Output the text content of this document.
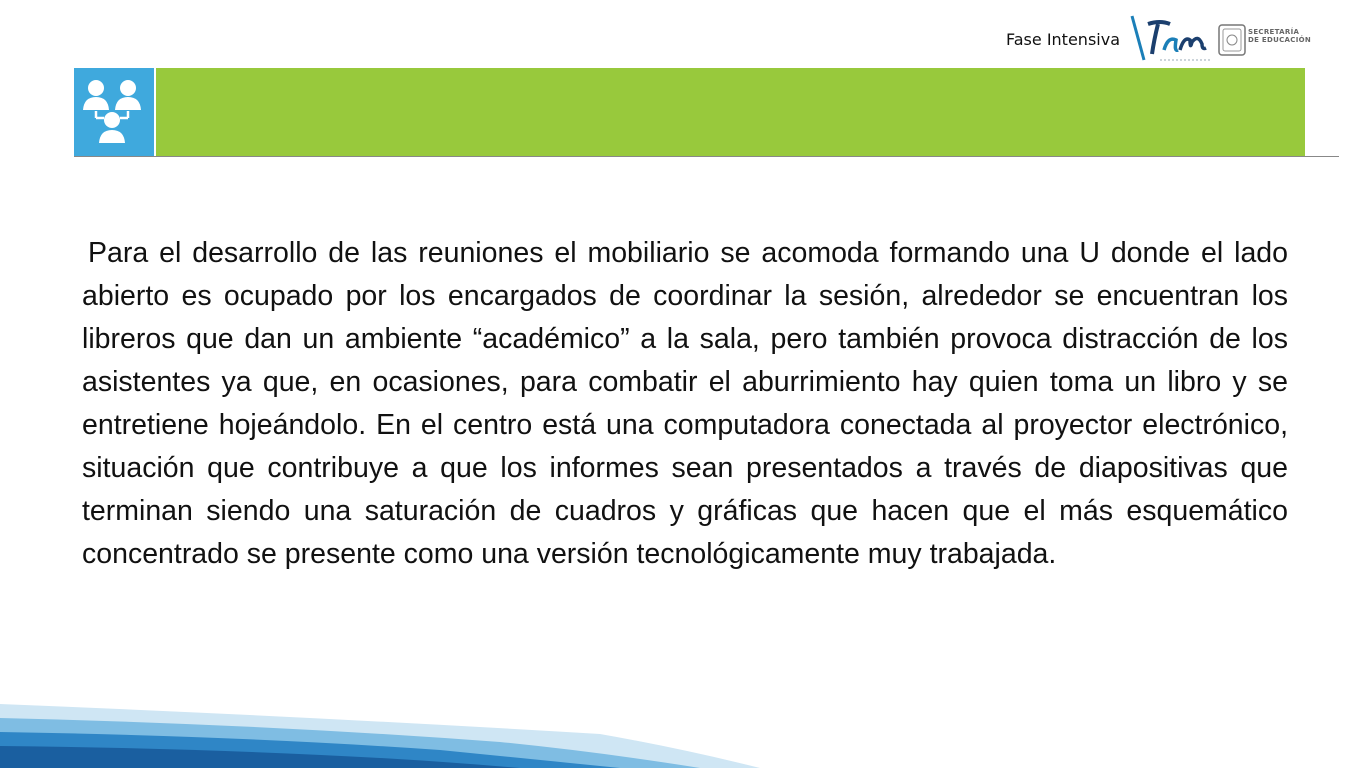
Fase Intensiva	SECRETARÍA DE EDUCACIÓN

Para el desarrollo de las reuniones el mobiliario se acomoda formando una U donde el lado abierto es ocupado por los encargados de coordinar la sesión, alrededor se encuentran los libreros que dan un ambiente “académico” a la sala, pero también provoca distracción de los asistentes ya que, en ocasiones, para combatir el aburrimiento hay quien toma un libro y se entretiene hojeándolo. En el centro está una computadora conectada al proyector electrónico, situación que contribuye a que los informes sean presentados a través de diapositivas que terminan siendo una saturación de cuadros y gráficas que hacen que el más esquemático concentrado se presente como una versión tecnológicamente muy trabajada.
